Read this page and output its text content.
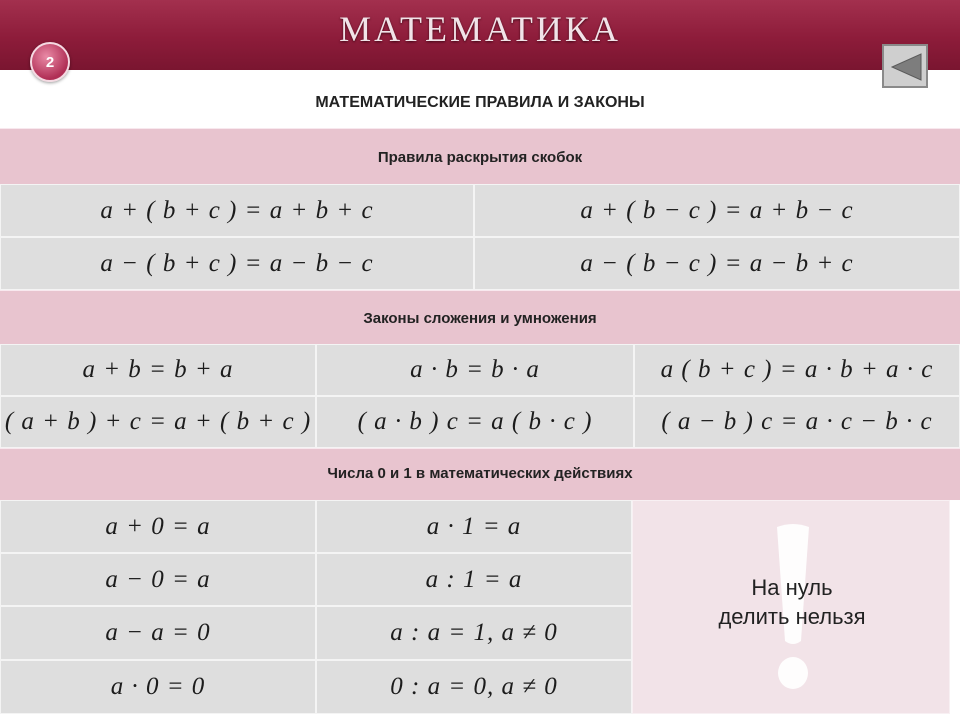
МАТЕМАТИКА
2
МАТЕМАТИЧЕСКИЕ ПРАВИЛА И ЗАКОНЫ
Правила раскрытия скобок
a + ( b + c ) = a + b + c	a + ( b − c ) = a + b − c
a − ( b + c ) = a − b − c	a − ( b − c ) = a − b + c
Законы сложения и умножения
a + b = b + a	a · b = b · a	a ( b + c ) = a · b + a · c
( a + b ) + c = a + ( b + c )	( a · b ) c = a ( b · c )	( a − b ) c = a · c − b · c
Числа 0 и 1 в математических действиях
a + 0 = a	a · 1 = a
a − 0 = a	a : 1 = a
a − a = 0	a : a = 1, a ≠ 0
a · 0 = 0	0 : a = 0, a ≠ 0
На нуль
делить нельзя
